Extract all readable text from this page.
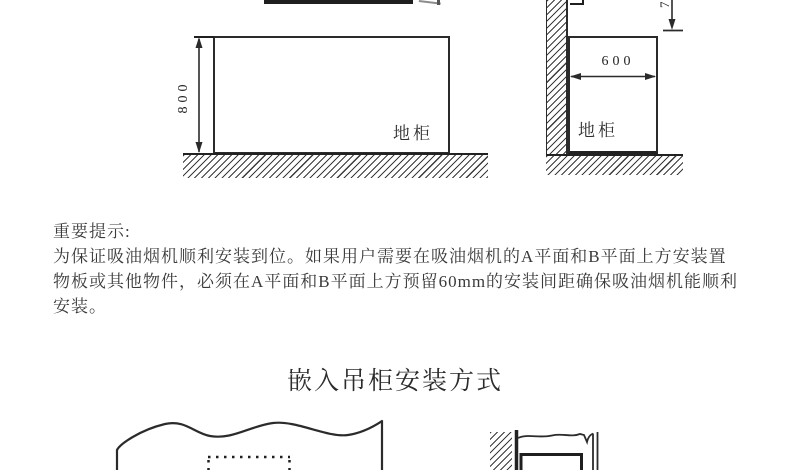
800
地柜
600
地柜
7
重要提示:
为保证吸油烟机顺利安装到位。如果用户需要在吸油烟机的A平面和B平面上方安装置
物板或其他物件，必须在A平面和B平面上方预留60mm的安装间距确保吸油烟机能顺利
安装。
嵌入吊柜安装方式
